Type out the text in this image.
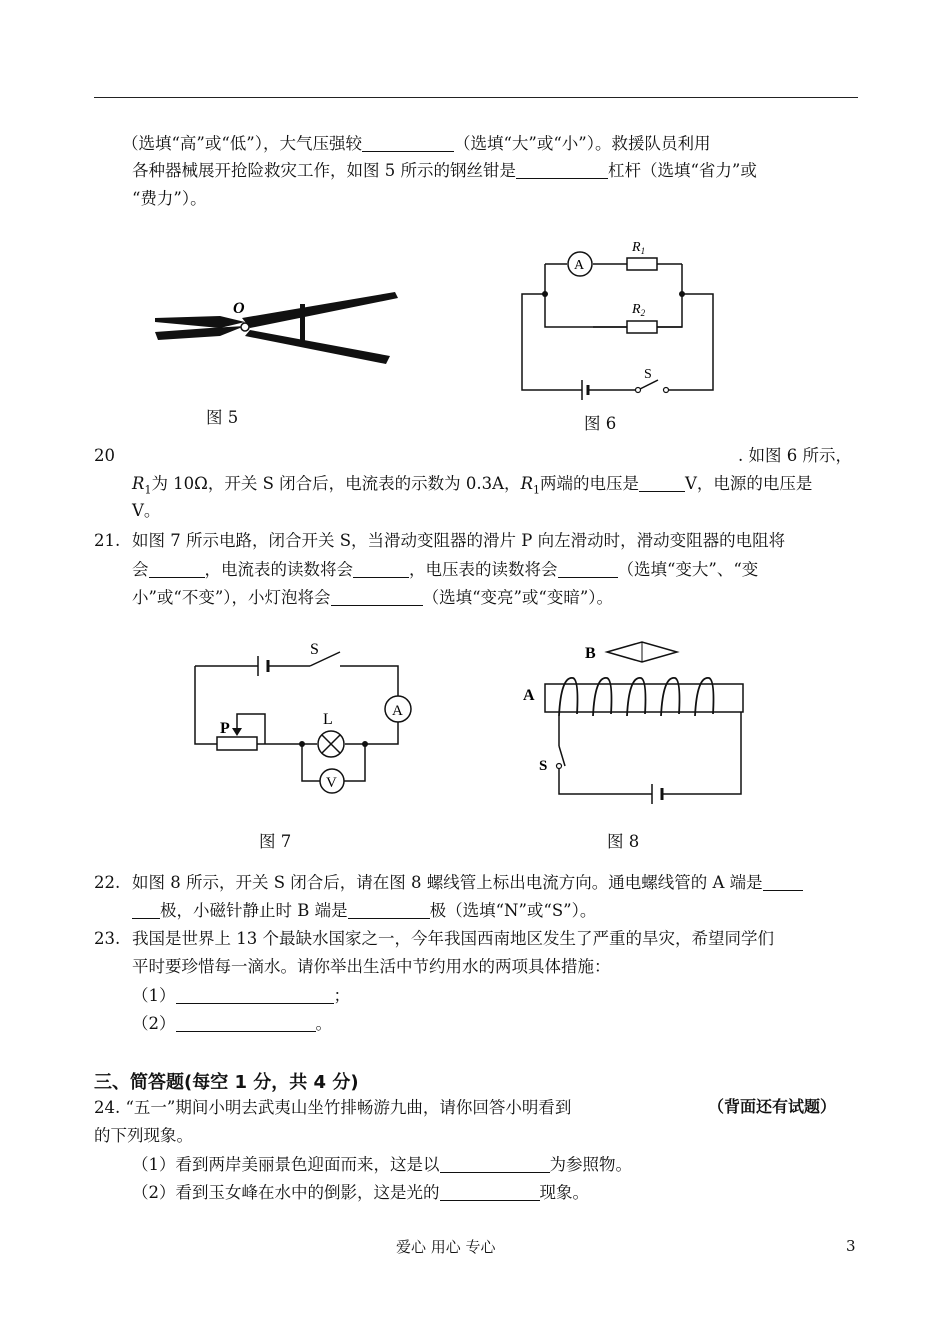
（选填“高”或“低”），大气压强较	（选填“大”或“小”）。救援队员利用
各种器械展开抢险救灾工作，如图 5 所示的钢丝钳是	杠杆（选填“省力”或
“费力”）。
O
图 5
A
$R_1$
$R_2$
S
图 6
20	. 如图 6 所示，
$R_1$为 10Ω，开关 S 闭合后，电流表的示数为 0.3A，$R_1$两端的电压是	V，电源的电压是
V。
21. 如图 7 所示电路，闭合开关 S，当滑动变阻器的滑片 P 向左滑动时，滑动变阻器的电阻将
会	，电流表的读数将会	，电压表的读数将会	（选填“变大”、“变
小”或“不变”），小灯泡将会	（选填“变亮”或“变暗”）。
S
L
P
A
V
图 7
B
A
S
图 8
22. 如图 8 所示，开关 S 闭合后，请在图 8 螺线管上标出电流方向。通电螺线管的 A 端是
极，小磁针静止时 B 端是	极（选填“N”或“S”）。
23. 我国是世界上 13 个最缺水国家之一，今年我国西南地区发生了严重的旱灾，希望同学们
平时要珍惜每一滴水。请你举出生活中节约用水的两项具体措施：
（1）	；
（2）	。
三、简答题(每空 1 分，共 4 分)
（背面还有试题）
24. “五一”期间小明去武夷山坐竹排畅游九曲，请你回答小明看到
的下列现象。
（1）看到两岸美丽景色迎面而来，这是以	为参照物。
（2）看到玉女峰在水中的倒影，这是光的	现象。
爱心 用心 专心	3
